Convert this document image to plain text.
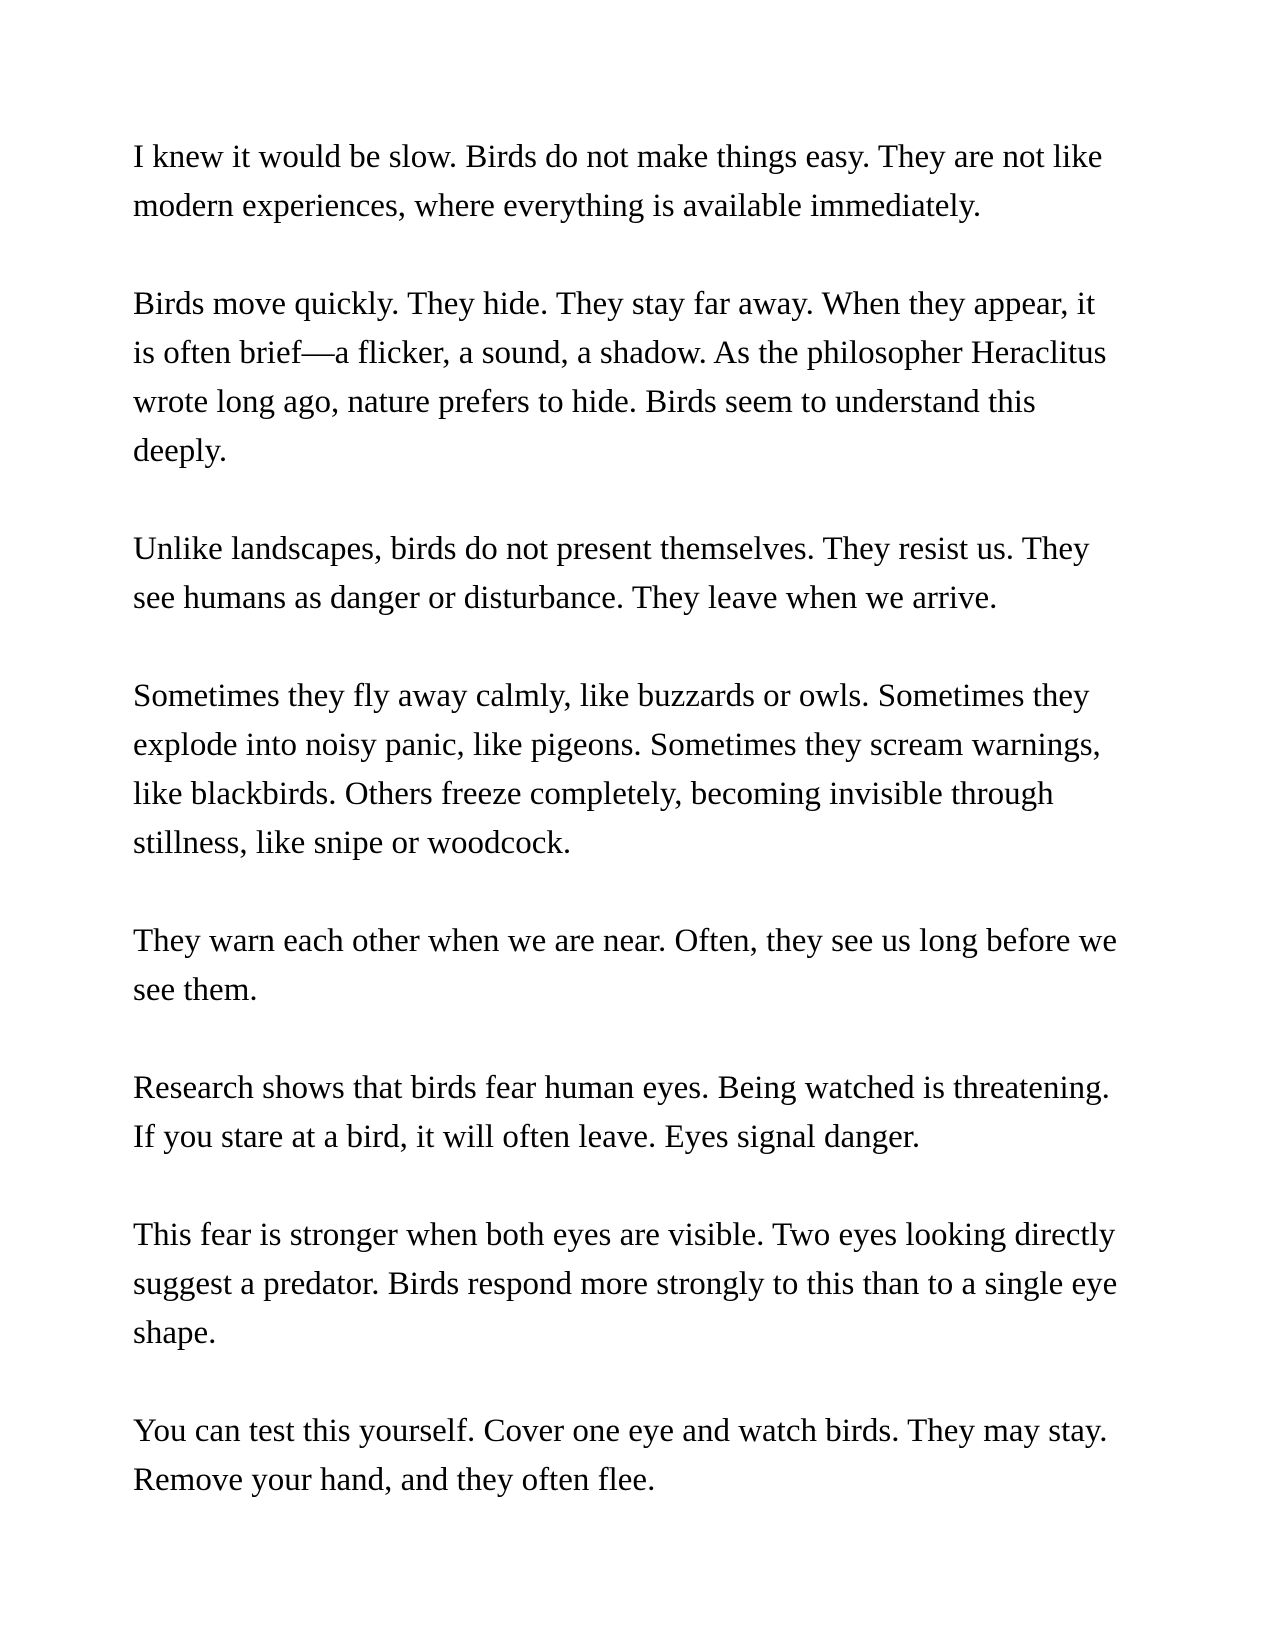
I knew it would be slow. Birds do not make things easy. They are not like
modern experiences, where everything is available immediately.
Birds move quickly. They hide. They stay far away. When they appear, it
is often brief—a flicker, a sound, a shadow. As the philosopher Heraclitus
wrote long ago, nature prefers to hide. Birds seem to understand this
deeply.
Unlike landscapes, birds do not present themselves. They resist us. They
see humans as danger or disturbance. They leave when we arrive.
Sometimes they fly away calmly, like buzzards or owls. Sometimes they
explode into noisy panic, like pigeons. Sometimes they scream warnings,
like blackbirds. Others freeze completely, becoming invisible through
stillness, like snipe or woodcock.
They warn each other when we are near. Often, they see us long before we
see them.
Research shows that birds fear human eyes. Being watched is threatening.
If you stare at a bird, it will often leave. Eyes signal danger.
This fear is stronger when both eyes are visible. Two eyes looking directly
suggest a predator. Birds respond more strongly to this than to a single eye
shape.
You can test this yourself. Cover one eye and watch birds. They may stay.
Remove your hand, and they often flee.
